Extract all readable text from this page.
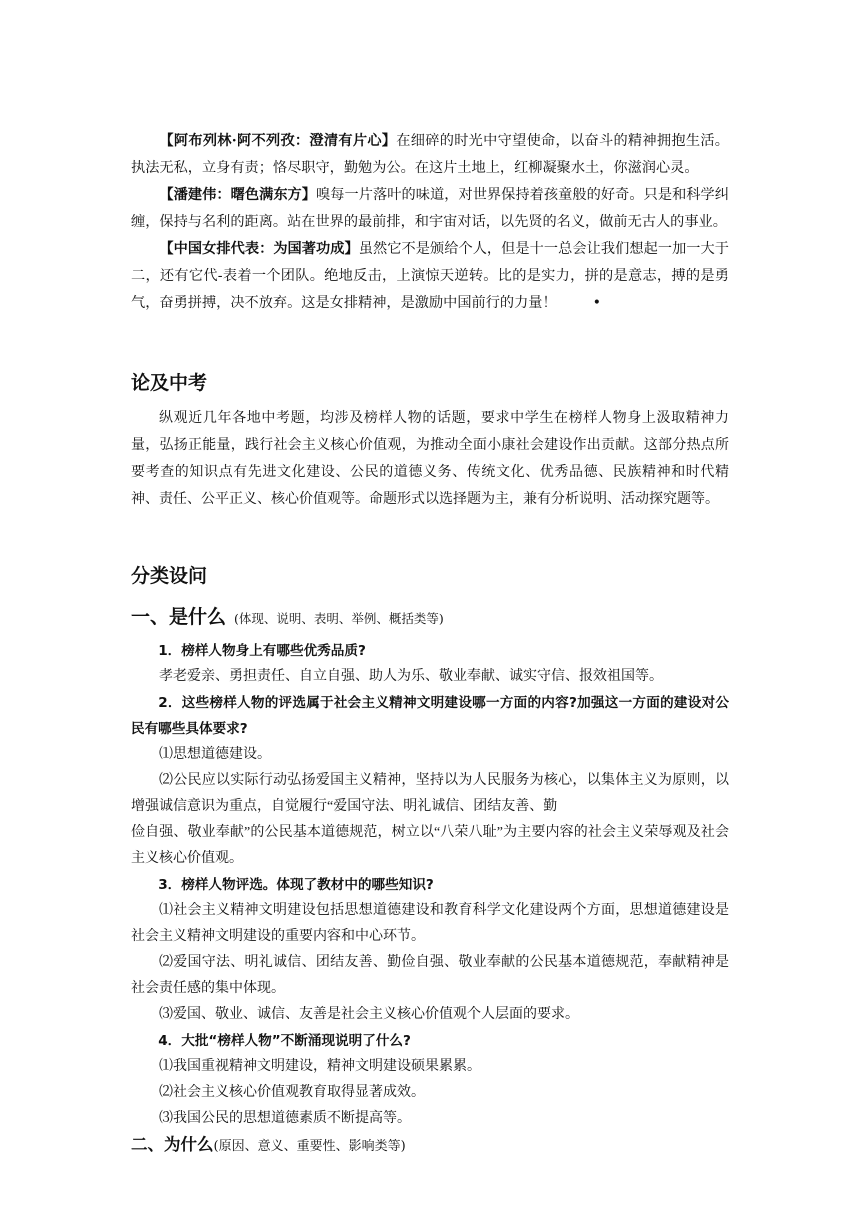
【阿布列林·阿不列孜：澄清有片心】在细碎的时光中守望使命，以奋斗的精神拥抱生活。执法无私，立身有责；恪尽职守，勤勉为公。在这片土地上，红柳凝聚水土，你滋润心灵。

【潘建伟：曙色满东方】嗅每一片落叶的味道，对世界保持着孩童般的好奇。只是和科学纠缠，保持与名利的距离。站在世界的最前排，和宇宙对话，以先贤的名义，做前无古人的事业。

【中国女排代表：为国著功成】虽然它不是颁给个人，但是十一总会让我们想起一加一大于二，还有它代-表着一个团队。绝地反击，上演惊天逆转。比的是实力，拼的是意志，搏的是勇气，奋勇拼搏，决不放弃。这是女排精神，是激励中国前行的力量！	•

论及中考

纵观近几年各地中考题，均涉及榜样人物的话题，要求中学生在榜样人物身上汲取精神力量，弘扬正能量，践行社会主义核心价值观，为推动全面小康社会建设作出贡献。这部分热点所要考查的知识点有先进文化建设、公民的道德义务、传统文化、优秀品德、民族精神和时代精神、责任、公平正义、核心价值观等。命题形式以选择题为主，兼有分析说明、活动探究题等。

分类设问

一、是什么 (体现、说明、表明、举例、概括类等)

1．榜样人物身上有哪些优秀品质?

孝老爱亲、勇担责任、自立自强、助人为乐、敬业奉献、诚实守信、报效祖国等。

2．这些榜样人物的评选属于社会主义精神文明建设哪一方面的内容?加强这一方面的建设对公民有哪些具体要求?

⑴思想道德建设。

⑵公民应以实际行动弘扬爱国主义精神，坚持以为人民服务为核心，以集体主义为原则，以增强诚信意识为重点，自觉履行“爱国守法、明礼诚信、团结友善、勤

俭自强、敬业奉献”的公民基本道德规范，树立以“八荣八耻”为主要内容的社会主义荣辱观及社会主义核心价值观。

3．榜样人物评选。体现了教材中的哪些知识?

⑴社会主义精神文明建设包括思想道德建设和教育科学文化建设两个方面，思想道德建设是社会主义精神文明建设的重要内容和中心环节。

⑵爱国守法、明礼诚信、团结友善、勤俭自强、敬业奉献的公民基本道德规范，奉献精神是社会责任感的集中体现。

⑶爱国、敬业、诚信、友善是社会主义核心价值观个人层面的要求。

4．大批“榜样人物”不断涌现说明了什么?

⑴我国重视精神文明建设，精神文明建设硕果累累。

⑵社会主义核心价值观教育取得显著成效。

⑶我国公民的思想道德素质不断提高等。

二、为什么(原因、意义、重要性、影响类等)
